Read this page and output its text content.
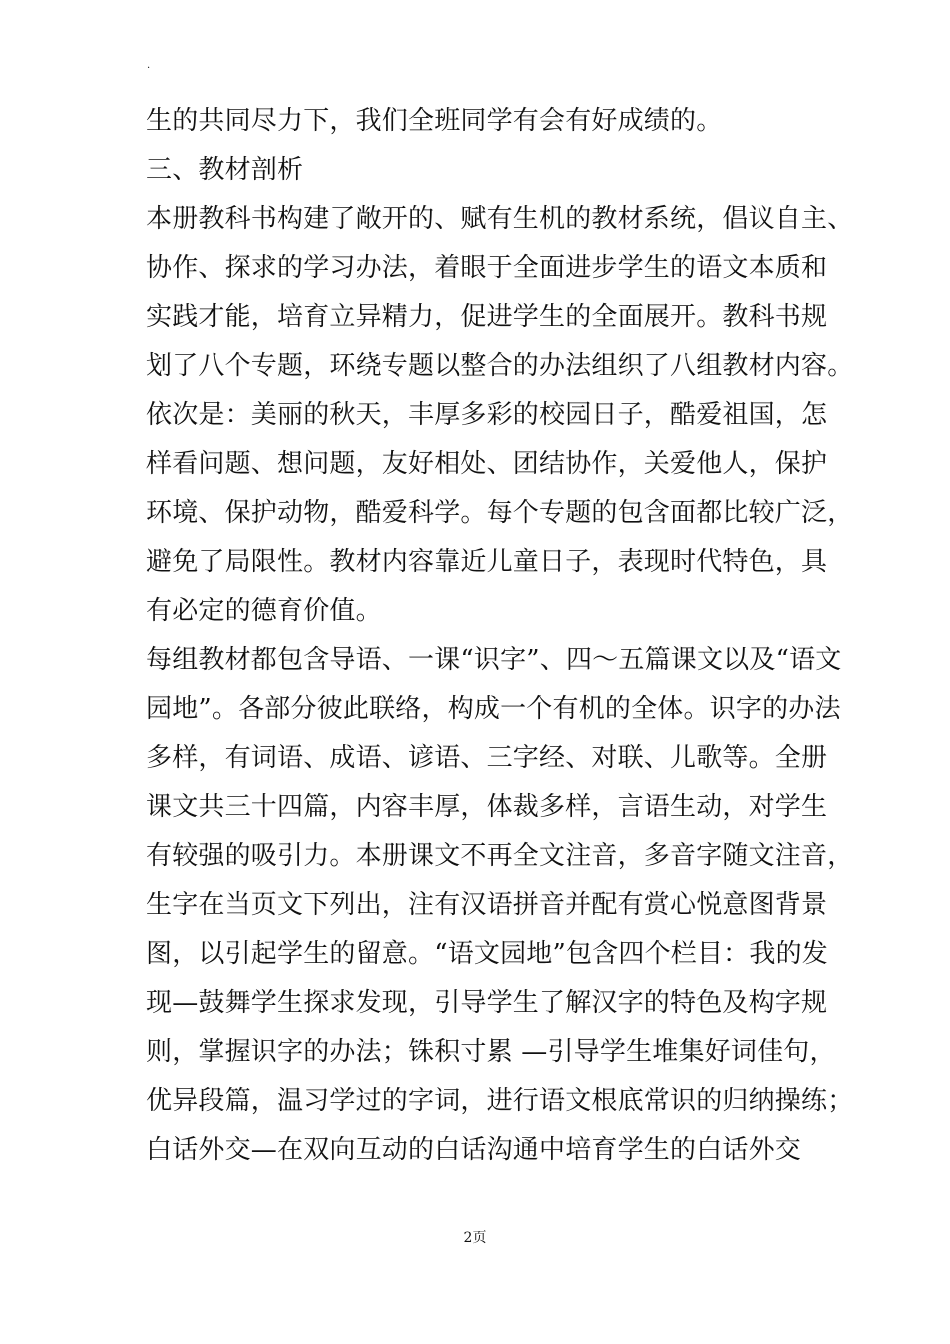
.
生的共同尽力下，我们全班同学有会有好成绩的。
三、教材剖析
本册教科书构建了敞开的、赋有生机的教材系统，倡议自主、
协作、探求的学习办法，着眼于全面进步学生的语文本质和
实践才能，培育立异精力，促进学生的全面展开。教科书规
划了八个专题，环绕专题以整合的办法组织了八组教材内容。
依次是：美丽的秋天，丰厚多彩的校园日子，酷爱祖国，怎
样看问题、想问题，友好相处、团结协作，关爱他人，保护
环境、保护动物，酷爱科学。每个专题的包含面都比较广泛，
避免了局限性。教材内容靠近儿童日子，表现时代特色，具
有必定的德育价值。
每组教材都包含导语、一课“识字”、四～五篇课文以及“语文
园地”。各部分彼此联络，构成一个有机的全体。识字的办法
多样，有词语、成语、谚语、三字经、对联、儿歌等。全册
课文共三十四篇，内容丰厚，体裁多样，言语生动，对学生
有较强的吸引力。本册课文不再全文注音，多音字随文注音，
生字在当页文下列出，注有汉语拼音并配有赏心悦意图背景
图，以引起学生的留意。“语文园地”包含四个栏目：我的发
现—鼓舞学生探求发现，引导学生了解汉字的特色及构字规
则，掌握识字的办法；铢积寸累 —引导学生堆集好词佳句，
优异段篇，温习学过的字词，进行语文根底常识的归纳操练；
白话外交—在双向互动的白话沟通中培育学生的白话外交
2页
